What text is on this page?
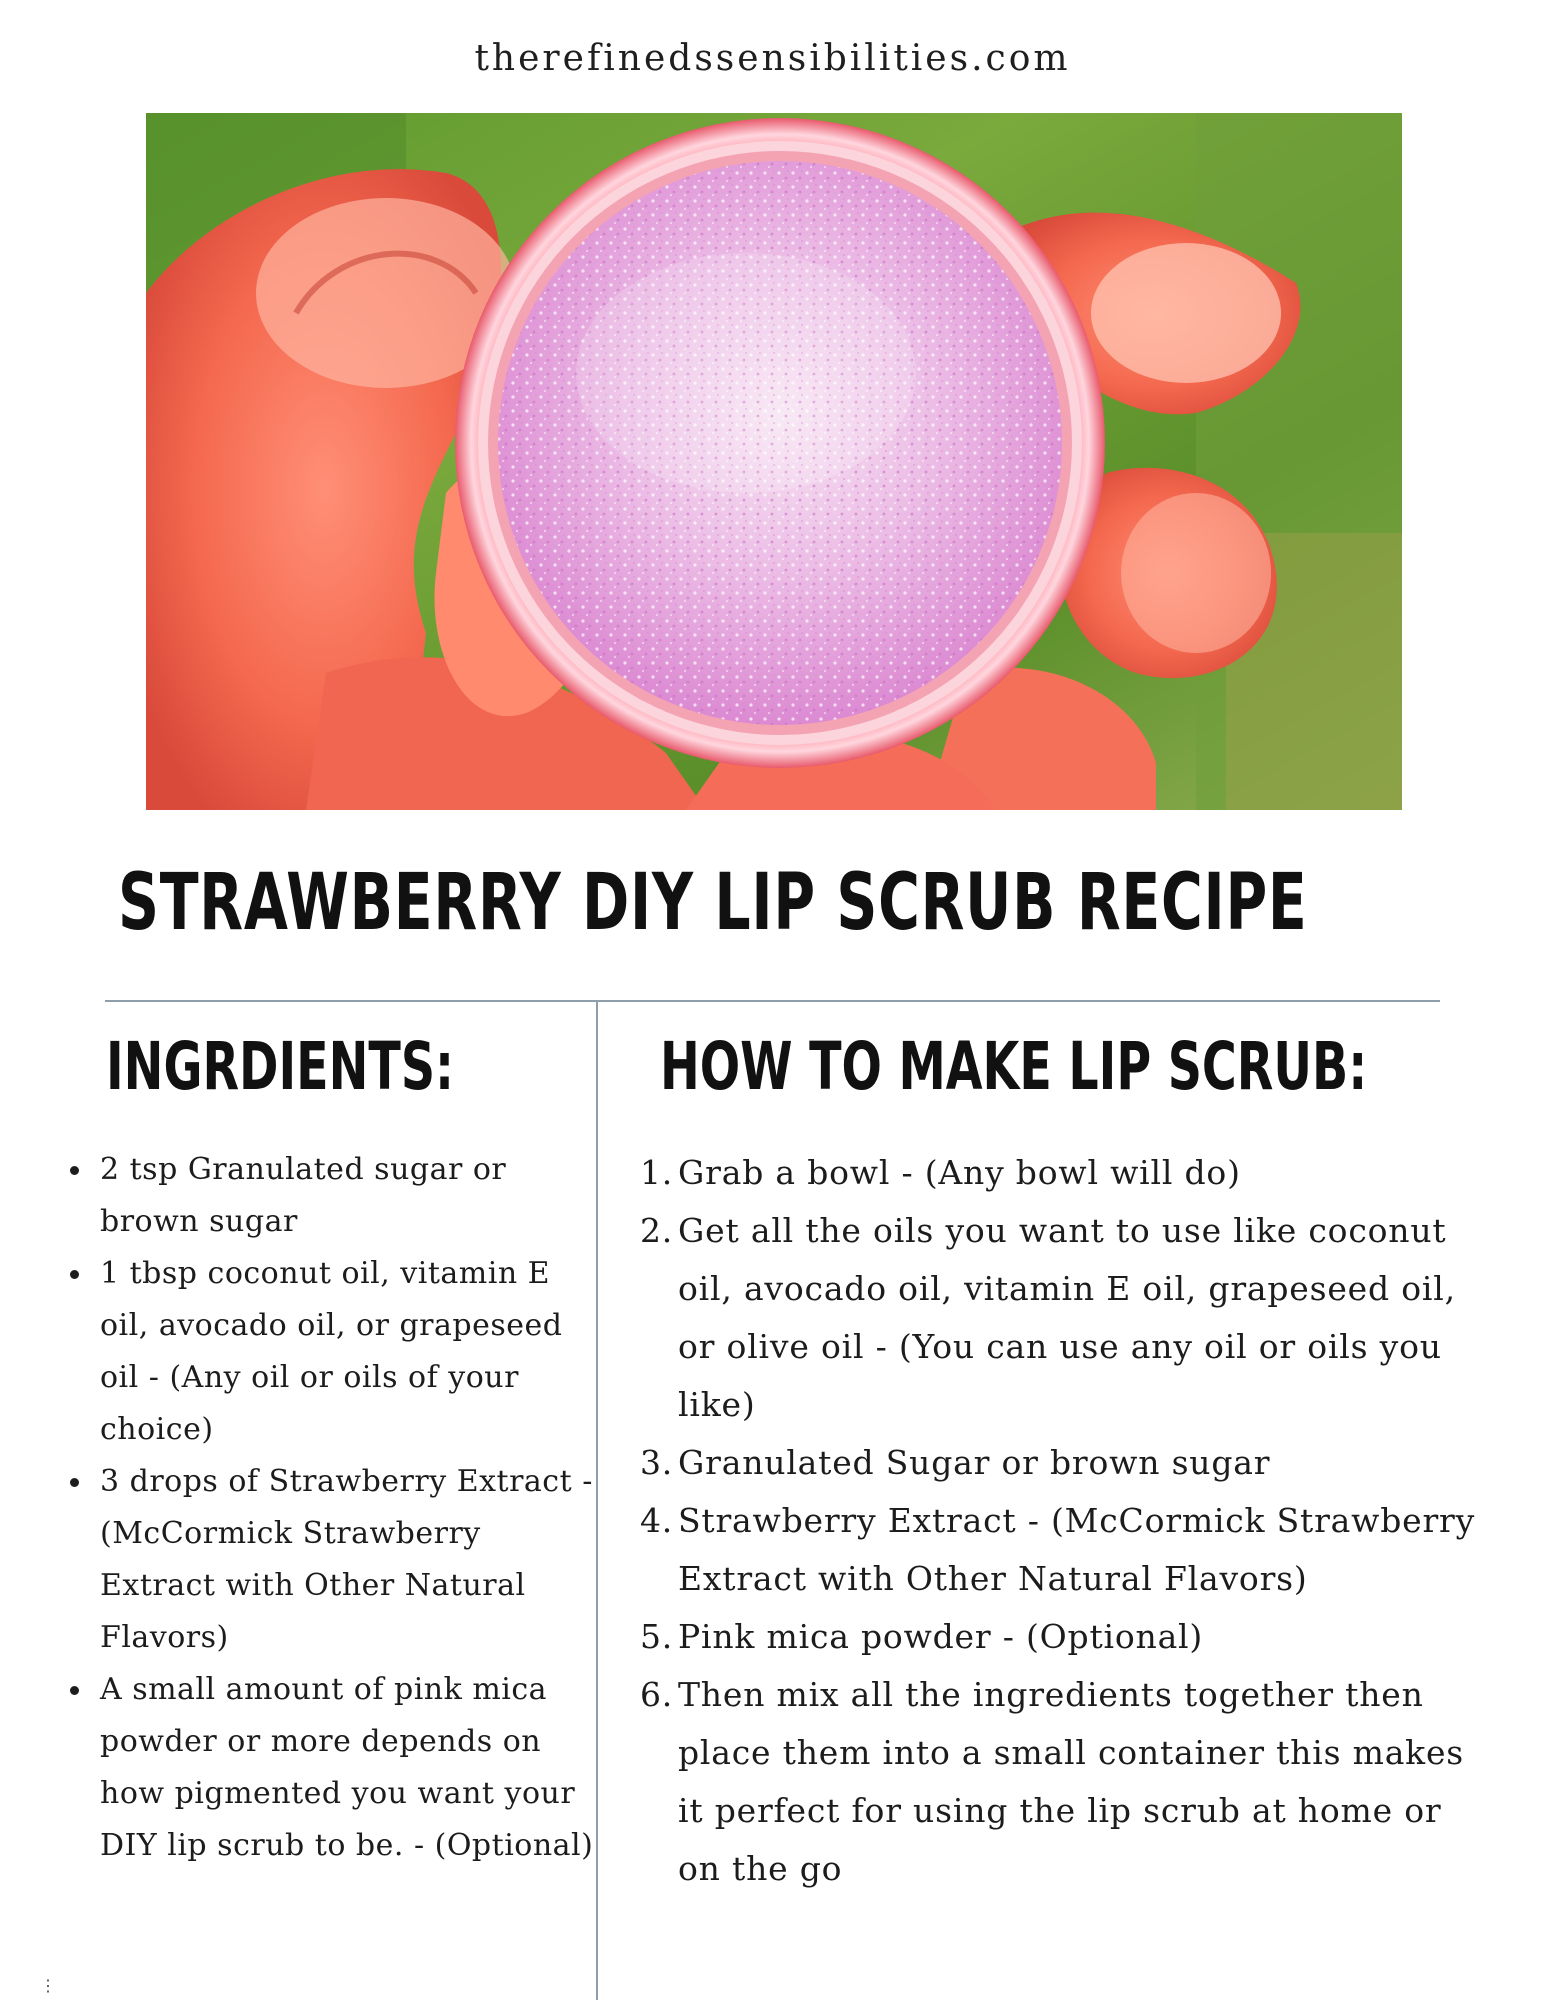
therefinedssensibilities.com
STRAWBERRY DIY LIP SCRUB RECIPE
INGRDIENTS:
2 tsp Granulated sugar or brown sugar
1 tbsp coconut oil, vitamin E oil, avocado oil, or grapeseed oil - (Any oil or oils of your choice)
3 drops of Strawberry Extract - (McCormick Strawberry Extract with Other Natural Flavors)
A small amount of pink mica powder or more depends on how pigmented you want your DIY lip scrub to be. - (Optional)
HOW TO MAKE LIP SCRUB:
1. Grab a bowl - (Any bowl will do)
2. Get all the oils you want to use like coconut oil, avocado oil, vitamin E oil, grapeseed oil, or olive oil - (You can use any oil or oils you like)
3. Granulated Sugar or brown sugar
4. Strawberry Extract - (McCormick Strawberry Extract with Other Natural Flavors)
5. Pink mica powder - (Optional)
6. Then mix all the ingredients together then place them into a small container this makes it perfect for using the lip scrub at home or on the go
⋮
